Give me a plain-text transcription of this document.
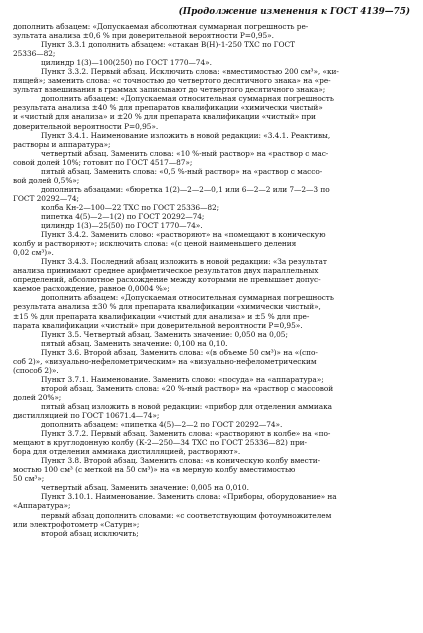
(Продолжение изменения к ГОСТ 4139—75)

дополнить абзацем: «Допускаемая абсолютная суммарная погрешность ре-

зультата анализа ±0,6 % при доверительной вероятности P=0,95».

Пункт 3.3.1 дополнить абзацем: «стакан В(Н)-1-250 ТХС по ГОСТ

25336—82;

цилиндр 1(3)—100(250) по ГОСТ 1770—74».

Пункт 3.3.2. Первый абзац. Исключить слова: «вместимостью 200 см³», «ки-

пящей»; заменить слова: «с точностью до четвертого десятичного знака» на «ре-

зультат взвешивания в граммах записывают до четвертого десятичного знака»;

дополнить абзацем: «Допускаемая относительная суммарная погрешность

результата анализа ±40 % для препаратов квалификации «химически чистый»

и «чистый для анализа» и ±20 % для препарата квалификации «чистый» при

доверительной вероятности P=0,95».

Пункт 3.4.1. Наименование изложить в новой редакции: «3.4.1. Реактивы,

растворы и аппаратура»;

четвертый абзац. Заменить слова: «10 %-ный раствор» на «раствор с мас-

совой долей 10%; готовят по ГОСТ 4517—87»;

пятый абзац. Заменить слова: «0,5 %-ный раствор» на «раствор с массо-

вой долей 0,5%»;

дополнить абзацами: «бюретка 1(2)—2—2—0,1 или 6—2—2 или 7—2—3 по

ГОСТ 20292—74;

колба Кн-2—100—22 ТХС по ГОСТ 25336—82;

пипетка 4(5)—2—1(2) по ГОСТ 20292—74;

цилиндр 1(3)—25(50) по ГОСТ 1770—74».

Пункт 3.4.2. Заменить слово: «растворяют» на «помещают в коническую

колбу и растворяют»; исключить слова: «(с ценой наименьшего деления

0,02 см³)».

Пункт 3.4.3. Последний абзац изложить в новой редакции: «За результат

анализа принимают среднее арифметическое результатов двух параллельных

определений, абсолютное расхождение между которыми не превышает допус-

каемое расхождение, равное 0,0004 %»;

дополнить абзацем: «Допускаемая относительная суммарная погрешность

результата анализа ±30 % для препарата квалификации «химически чистый»,

±15 % для препарата квалификации «чистый для анализа» и ±5 % для пре-

парата квалификации «чистый» при доверительной вероятности P=0,95».

Пункт 3.5. Четвертый абзац. Заменить значение: 0,050 на 0,05;

пятый абзац. Заменить значение: 0,100 на 0,10.

Пункт 3.6. Второй абзац. Заменить слова: «(в объеме 50 см³)» на «(спо-

соб 2)», «визуально-нефелометрическим» на «визуально-нефелометрическим

(способ 2)».

Пункт 3.7.1. Наименование. Заменить слово: «посуда» на «аппаратура»;

второй абзац. Заменить слова: «20 %-ный раствор» на «раствор с массовой

долей 20%»;

пятый абзац изложить в новой редакции: «прибор для отделения аммиака

дистилляцией по ГОСТ 10671.4—74»;

дополнить абзацем: «пипетка 4(5)—2—2 по ГОСТ 20292—74».

Пункт 3.7.2. Первый абзац. Заменить слова: «растворяют в колбе» на «по-

мещают в круглодонную колбу (К-2—250—34 ТХС по ГОСТ 25336—82) при-

бора для отделения аммиака дистилляцией, растворяют».

Пункт 3.8. Второй абзац. Заменить слова: «в коническую колбу вмести-

мостью 100 см³ (с меткой на 50 см³)» на «в мерную колбу вместимостью

50 см³»;

четвертый абзац. Заменить значение: 0,005 на 0,010.

Пункт 3.10.1. Наименование. Заменить слова: «Приборы, оборудование» на

«Аппаратура»;

первый абзац дополнить словами: «с соответствующим фотоумножителем

или электрофотометр «Сатурн»;

второй абзац исключить;
